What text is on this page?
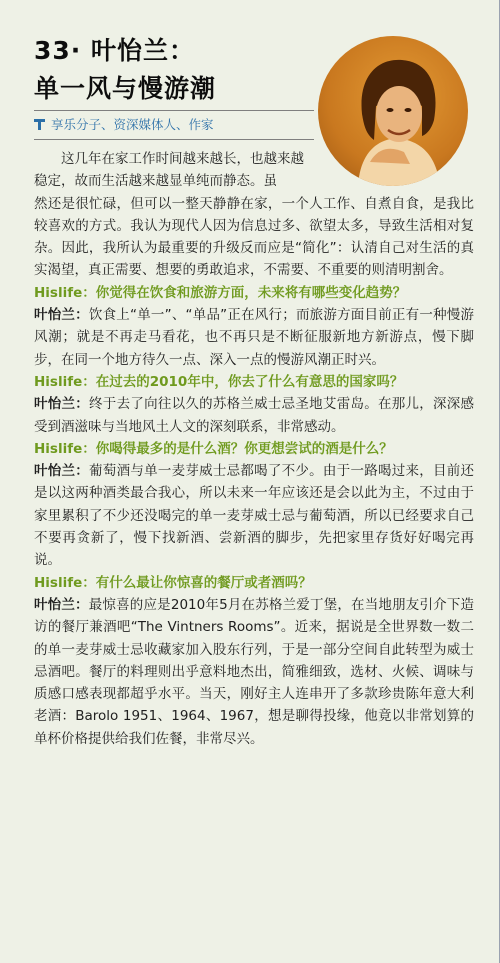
33· 叶怡兰：
单一风与慢游潮
享乐分子、资深媒体人、作家

这几年在家工作时间越来越长，也越来越

稳定，故而生活越来越显单纯而静态。虽

然还是很忙碌，但可以一整天静静在家，一个人工作、自煮自食，是我比较喜欢的方式。我认为现代人因为信息过多、欲望太多，导致生活相对复杂。因此，我所认为最重要的升级反而应是“简化”：认清自己对生活的真实渴望，真正需要、想要的勇敢追求，不需要、不重要的则清明割舍。

Hislife：你觉得在饮食和旅游方面，未来将有哪些变化趋势？

叶怡兰：饮食上“单一”、“单品”正在风行；而旅游方面目前正有一种慢游风潮；就是不再走马看花，也不再只是不断征服新地方新游点，慢下脚步，在同一个地方待久一点、深入一点的慢游风潮正时兴。

Hislife：在过去的2010年中，你去了什么有意思的国家吗？

叶怡兰：终于去了向往以久的苏格兰威士忌圣地艾雷岛。在那儿，深深感受到酒滋味与当地风土人文的深刻联系，非常感动。

Hislife：你喝得最多的是什么酒？你更想尝试的酒是什么？

叶怡兰：葡萄酒与单一麦芽威士忌都喝了不少。由于一路喝过来，目前还是以这两种酒类最合我心，所以未来一年应该还是会以此为主，不过由于家里累积了不少还没喝完的单一麦芽威士忌与葡萄酒，所以已经要求自己不要再贪新了，慢下找新酒、尝新酒的脚步，先把家里存货好好喝完再说。

Hislife：有什么最让你惊喜的餐厅或者酒吗？

叶怡兰：最惊喜的应是2010年5月在苏格兰爱丁堡，在当地朋友引介下造访的餐厅兼酒吧“The Vintners Rooms”。近来，据说是全世界数一数二的单一麦芽威士忌收藏家加入股东行列，于是一部分空间自此转型为威士忌酒吧。餐厅的料理则出乎意料地杰出，简雅细致，选材、火候、调味与质感口感表现都超乎水平。当天，刚好主人连串开了多款珍贵陈年意大利老酒：Barolo 1951、1964、1967，想是聊得投缘，他竟以非常划算的单杯价格提供给我们佐餐，非常尽兴。
